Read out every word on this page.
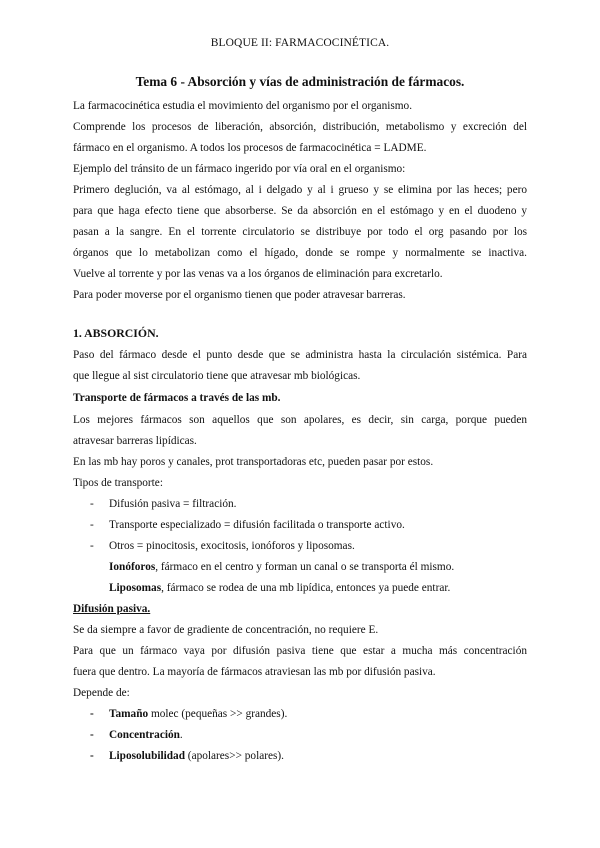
BLOQUE II: FARMACOCINÉTICA.
Tema 6 - Absorción y vías de administración de fármacos.
La farmacocinética estudia el movimiento del organismo por el organismo.
Comprende los procesos de liberación, absorción, distribución, metabolismo y excreción del
fármaco en el organismo. A todos los procesos de farmacocinética = LADME.
Ejemplo del tránsito de un fármaco ingerido por vía oral en el organismo:
Primero deglución, va al estómago, al i delgado y al i grueso y se elimina por las heces; pero
para que haga efecto tiene que absorberse. Se da absorción en el estómago y en el duodeno y
pasan a la sangre. En el torrente circulatorio se distribuye por todo el org pasando por los
órganos que lo metabolizan como el hígado, donde se rompe y normalmente se inactiva.
Vuelve al torrente y por las venas va a los órganos de eliminación para excretarlo.
Para poder moverse por el organismo tienen que poder atravesar barreras.
1. ABSORCIÓN.
Paso del fármaco desde el punto desde que se administra hasta la circulación sistémica. Para
que llegue al sist circulatorio tiene que atravesar mb biológicas.
Transporte de fármacos a través de las mb.
Los mejores fármacos son aquellos que son apolares, es decir, sin carga, porque pueden
atravesar barreras lipídicas.
En las mb hay poros y canales, prot transportadoras etc, pueden pasar por estos.
Tipos de transporte:
- Difusión pasiva = filtración.
- Transporte especializado = difusión facilitada o transporte activo.
- Otros = pinocitosis, exocitosis, ionóforos y liposomas.
Ionóforos, fármaco en el centro y forman un canal o se transporta él mismo.
Liposomas, fármaco se rodea de una mb lipídica, entonces ya puede entrar.
Difusión pasiva.
Se da siempre a favor de gradiente de concentración, no requiere E.
Para que un fármaco vaya por difusión pasiva tiene que estar a mucha más concentración
fuera que dentro. La mayoría de fármacos atraviesan las mb por difusión pasiva.
Depende de:
- Tamaño molec (pequeñas >> grandes).
- Concentración.
- Liposolubilidad (apolares>> polares).
